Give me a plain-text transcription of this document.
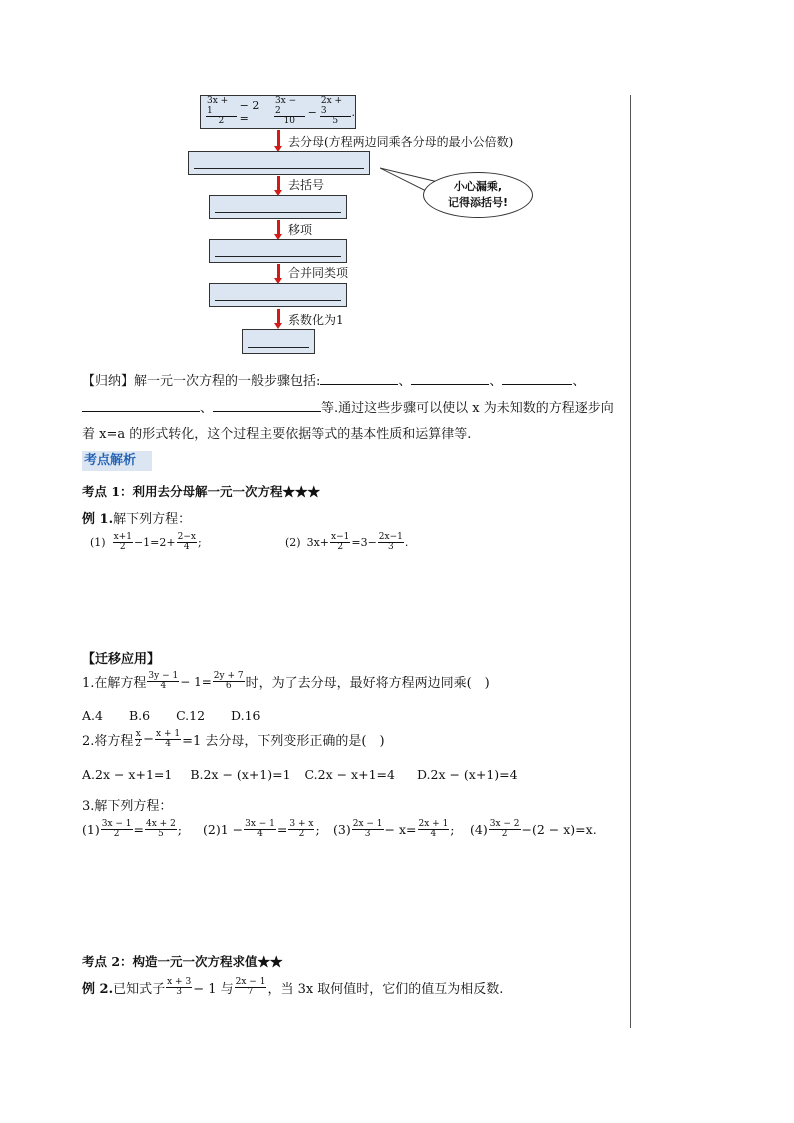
$\frac{3x + 1}{2} - 2$ =	$\frac{3x - 2}{10} - \frac{2x + 3}{5}$ .
去分母(方程两边同乘各分母的最小公倍数)
去括号
移项
合并同类项
系数化为1
小心漏乘,
记得添括号!
【归纳】解一元一次方程的一般步骤包括:	、	、	、
、	等.通过这些步骤可以使以 x 为未知数的方程逐步向
着 x=a 的形式转化，这个过程主要依据等式的基本性质和运算律等.
考点解析
考点 1：利用去分母解一元一次方程★★★
例 1.解下列方程：
$(1) \frac{x+1}{2} -1=2+ \frac{2-x}{4}$ ;	(2) $3x+ \frac{x-1}{2} =3- \frac{2x-1}{3}$ .
【迁移应用】
1.在解方程 $\frac{3y - 1}{4} - 1= \frac{2y + 7}{6}$ 时，为了去分母，最好将方程两边同乘(　)
A.4 B.6 C.12 D.16
2.将方程 $\frac{x}{2} - \frac{x + 1}{4} =1$ 去分母，下列变形正确的是(　)
A.2x − x+1=1 B.2x − (x+1)=1 C.2x − x+1=4 D.2x − (x+1)=4
3.解下列方程：
$(1) \frac{3x - 1}{2} = \frac{4x + 2}{5}$ ; $(2)1 - \frac{3x - 1}{4} = \frac{3 + x}{2}$ ; $(3) \frac{2x - 1}{3} - x= \frac{2x + 1}{4}$ ; $(4) \frac{3x - 2}{2} -(2 - x)=x$.
考点 2：构造一元一次方程求值★★
例 2. 已知式子 $\frac{x + 3}{3} - 1$ 与 $\frac{2x - 1}{7}$ ，当 3x 取何值时，它们的值互为相反数.
